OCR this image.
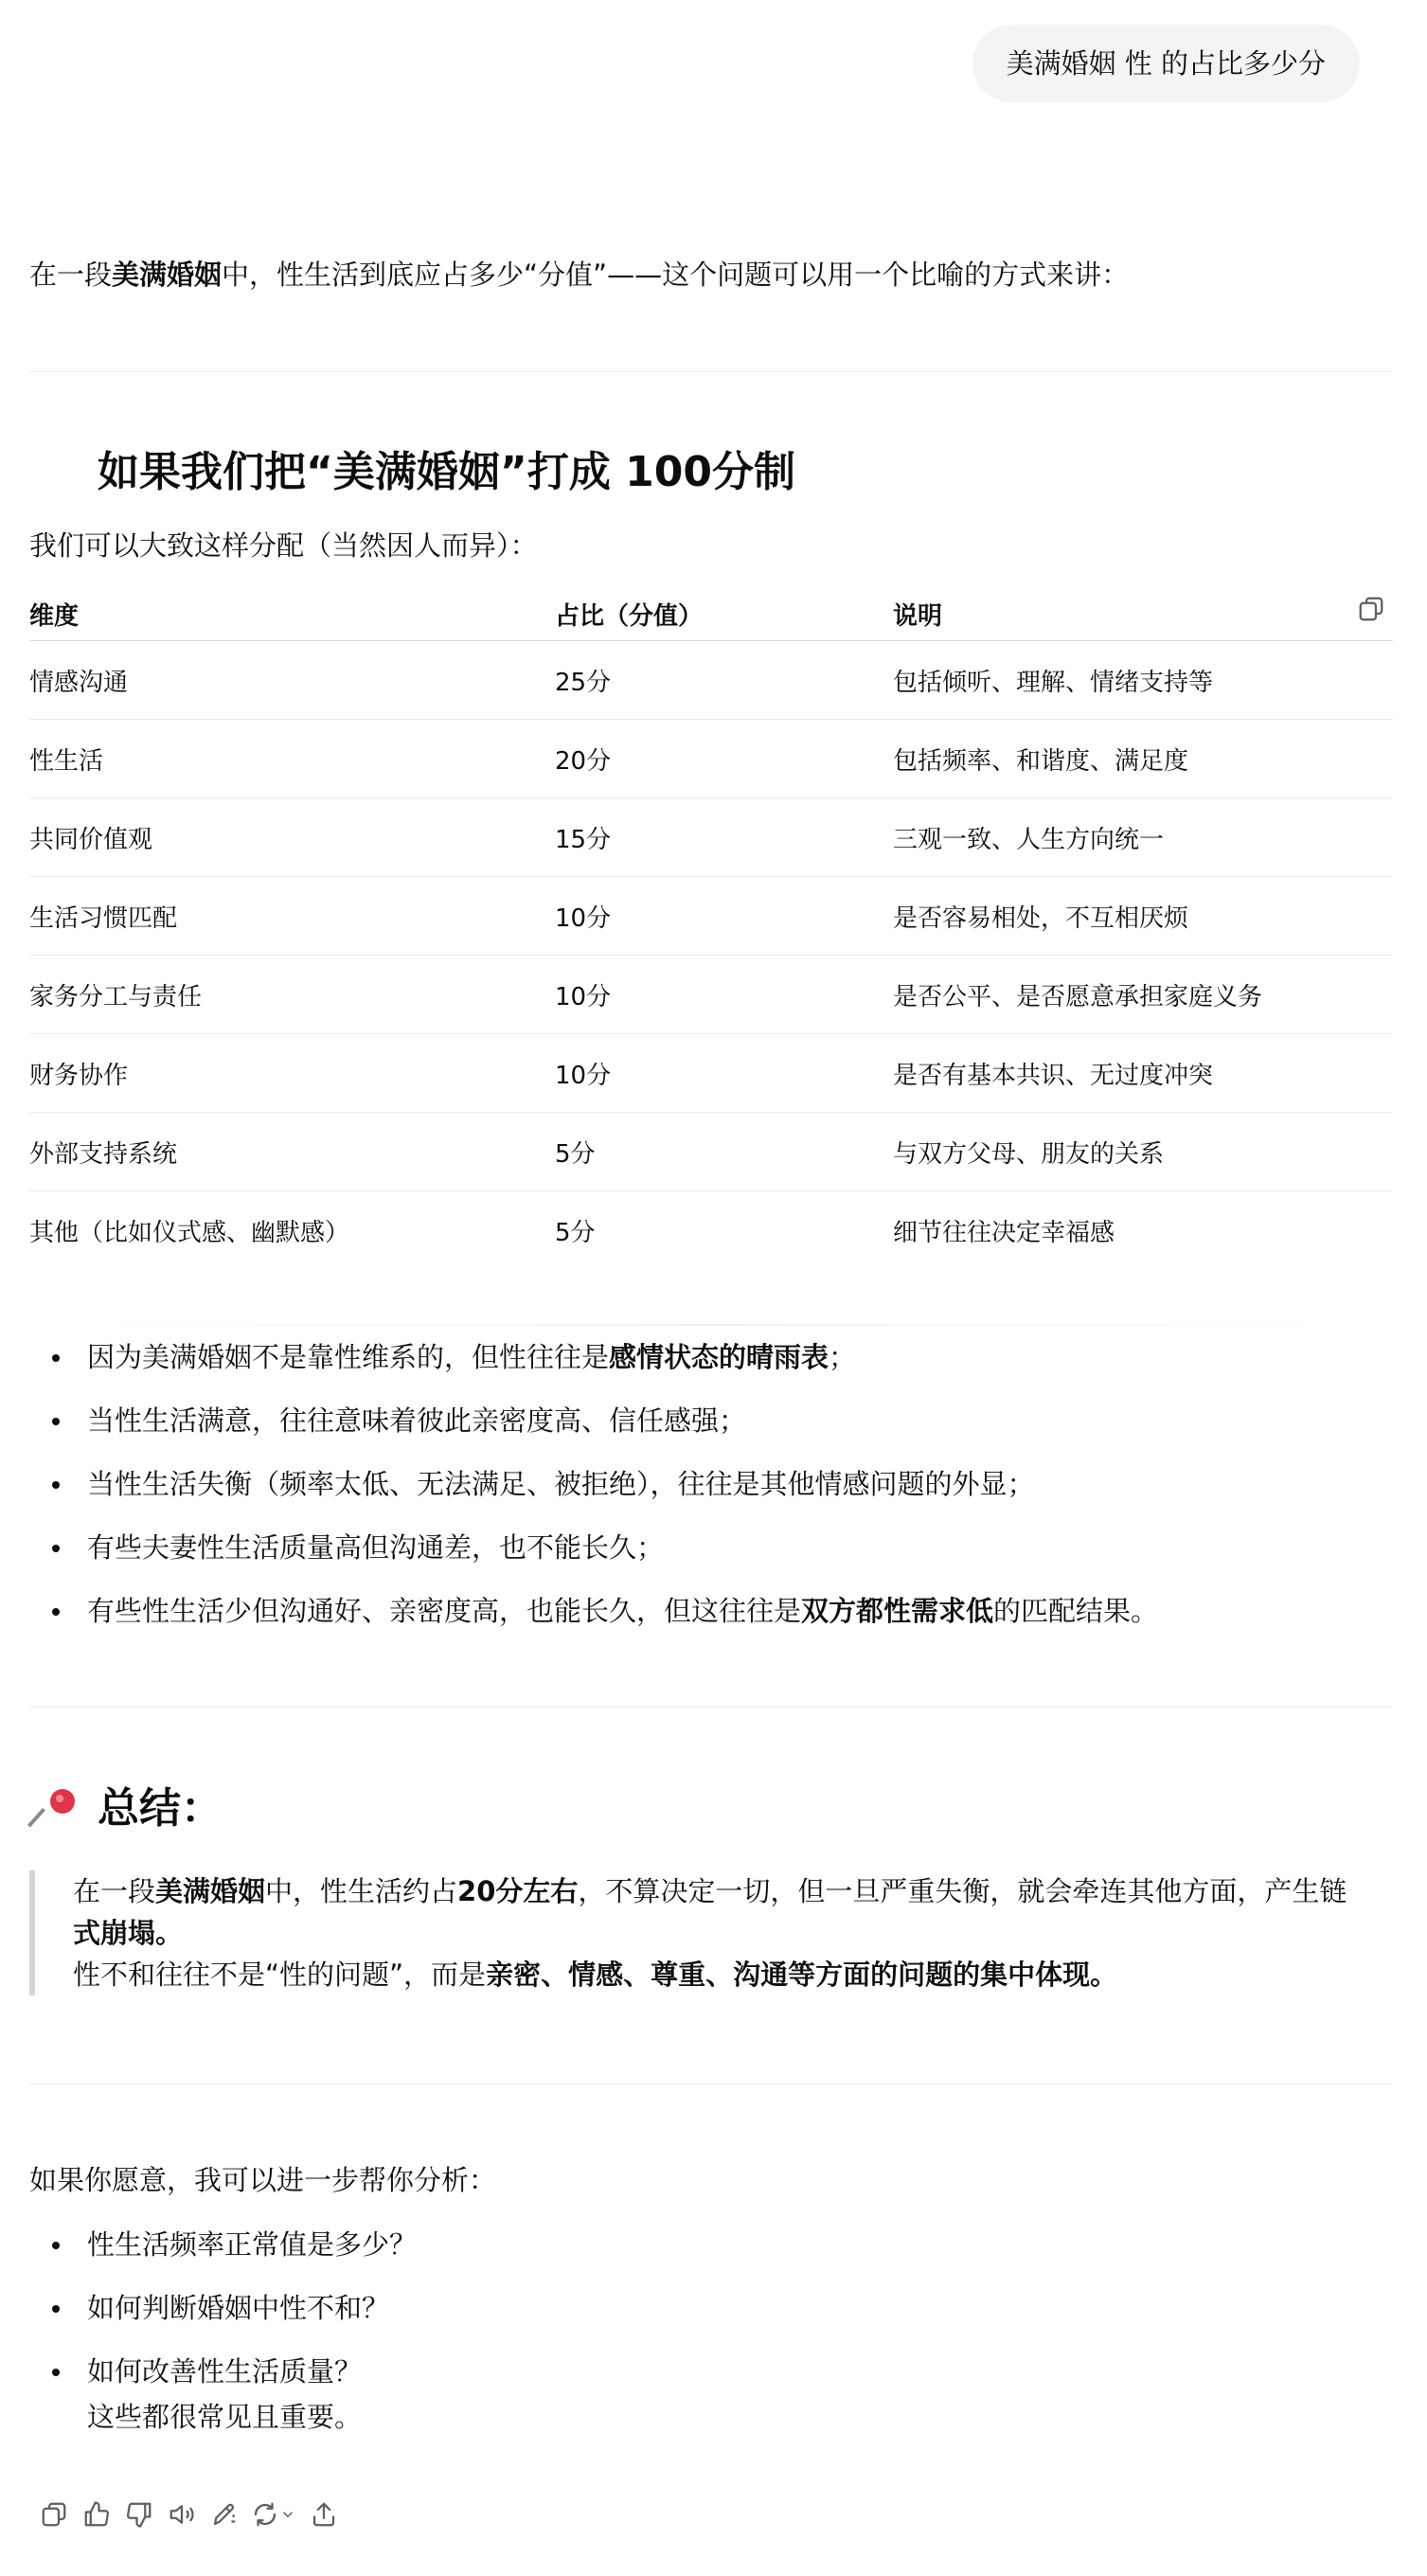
美满婚姻 性 的占比多少分
在一段美满婚姻中，性生活到底应占多少“分值”——这个问题可以用一个比喻的方式来讲：
如果我们把“美满婚姻”打成 100分制
我们可以大致这样分配（当然因人而异）：
维度	占比（分值）	说明
情感沟通	25分	包括倾听、理解、情绪支持等
性生活	20分	包括频率、和谐度、满足度
共同价值观	15分	三观一致、人生方向统一
生活习惯匹配	10分	是否容易相处，不互相厌烦
家务分工与责任	10分	是否公平、是否愿意承担家庭义务
财务协作	10分	是否有基本共识、无过度冲突
外部支持系统	5分	与双方父母、朋友的关系
其他（比如仪式感、幽默感）	5分	细节往往决定幸福感
因为美满婚姻不是靠性维系的，但性往往是感情状态的晴雨表；
当性生活满意，往往意味着彼此亲密度高、信任感强；
当性生活失衡（频率太低、无法满足、被拒绝），往往是其他情感问题的外显；
有些夫妻性生活质量高但沟通差，也不能长久；
有些性生活少但沟通好、亲密度高，也能长久，但这往往是双方都性需求低的匹配结果。
总结：
在一段美满婚姻中，性生活约占20分左右，不算决定一切，但一旦严重失衡，就会牵连其他方面，产生链
式崩塌。
性不和往往不是“性的问题”，而是亲密、情感、尊重、沟通等方面的问题的集中体现。
如果你愿意，我可以进一步帮你分析：
性生活频率正常值是多少？
如何判断婚姻中性不和？
如何改善性生活质量？
这些都很常见且重要。
